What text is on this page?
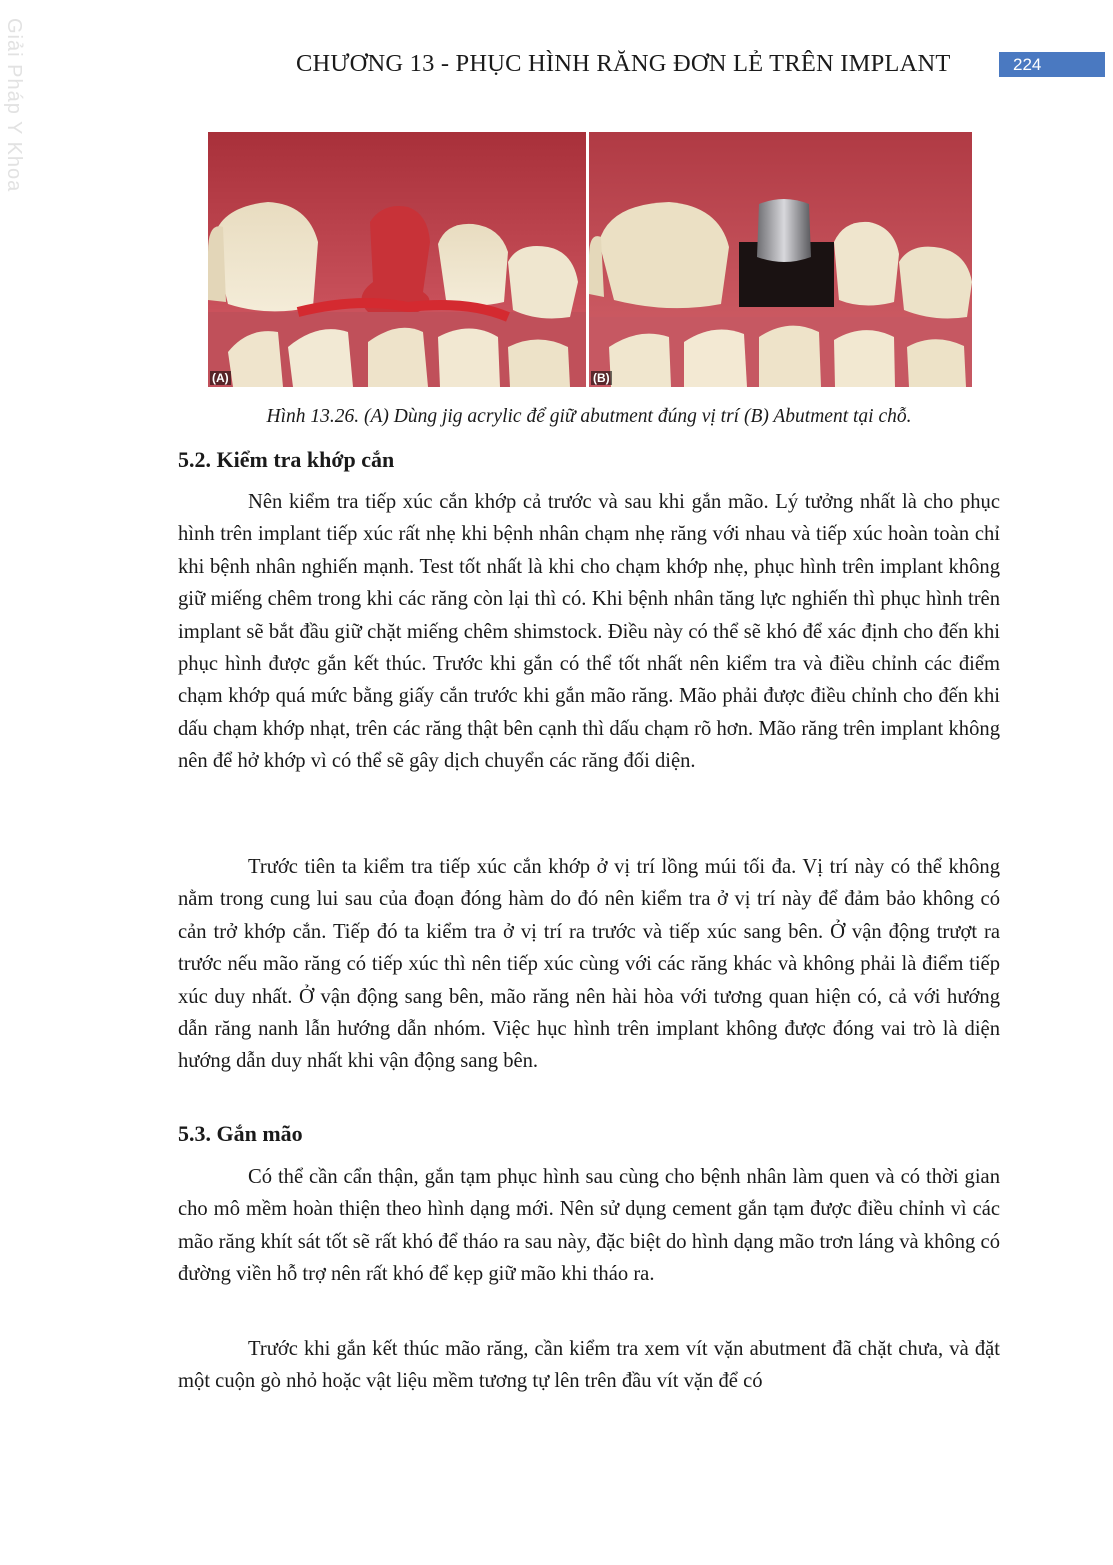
Giải Pháp Y Khoa	CHƯƠNG 13 - PHỤC HÌNH RĂNG ĐƠN LẺ TRÊN IMPLANT	224
(A)	(B)
Hình 13.26. (A) Dùng jig acrylic để giữ abutment đúng vị trí (B) Abutment tại chỗ.
5.2. Kiểm tra khớp cắn

Nên kiểm tra tiếp xúc cắn khớp cả trước và sau khi gắn mão. Lý tưởng nhất là cho phục hình trên implant tiếp xúc rất nhẹ khi bệnh nhân chạm nhẹ răng với nhau và tiếp xúc hoàn toàn chỉ khi bệnh nhân nghiến mạnh. Test tốt nhất là khi cho chạm khớp nhẹ, phục hình trên implant không giữ miếng chêm trong khi các răng còn lại thì có. Khi bệnh nhân tăng lực nghiến thì phục hình trên implant sẽ bắt đầu giữ chặt miếng chêm shimstock. Điều này có thể sẽ khó để xác định cho đến khi phục hình được gắn kết thúc. Trước khi gắn có thể tốt nhất nên kiểm tra và điều chỉnh các điểm chạm khớp quá mức bằng giấy cắn trước khi gắn mão răng. Mão phải được điều chỉnh cho đến khi dấu chạm khớp nhạt, trên các răng thật bên cạnh thì dấu chạm rõ hơn. Mão răng trên implant không nên để hở khớp vì có thể sẽ gây dịch chuyển các răng đối diện.

Trước tiên ta kiểm tra tiếp xúc cắn khớp ở vị trí lồng múi tối đa. Vị trí này có thể không nằm trong cung lui sau của đoạn đóng hàm do đó nên kiểm tra ở vị trí này để đảm bảo không có cản trở khớp cắn. Tiếp đó ta kiểm tra ở vị trí ra trước và tiếp xúc sang bên. Ở vận động trượt ra trước nếu mão răng có tiếp xúc thì nên tiếp xúc cùng với các răng khác và không phải là điểm tiếp xúc duy nhất. Ở vận động sang bên, mão răng nên hài hòa với tương quan hiện có, cả với hướng dẫn răng nanh lẫn hướng dẫn nhóm. Việc hục hình trên implant không được đóng vai trò là diện hướng dẫn duy nhất khi vận động sang bên.

5.3. Gắn mão

Có thể cần cẩn thận, gắn tạm phục hình sau cùng cho bệnh nhân làm quen và có thời gian cho mô mềm hoàn thiện theo hình dạng mới. Nên sử dụng cement gắn tạm được điều chỉnh vì các mão răng khít sát tốt sẽ rất khó để tháo ra sau này, đặc biệt do hình dạng mão trơn láng và không có đường viền hỗ trợ nên rất khó để kẹp giữ mão khi tháo ra.

Trước khi gắn kết thúc mão răng, cần kiểm tra xem vít vặn abutment đã chặt chưa, và đặt một cuộn gò nhỏ hoặc vật liệu mềm tương tự lên trên đầu vít vặn để có
